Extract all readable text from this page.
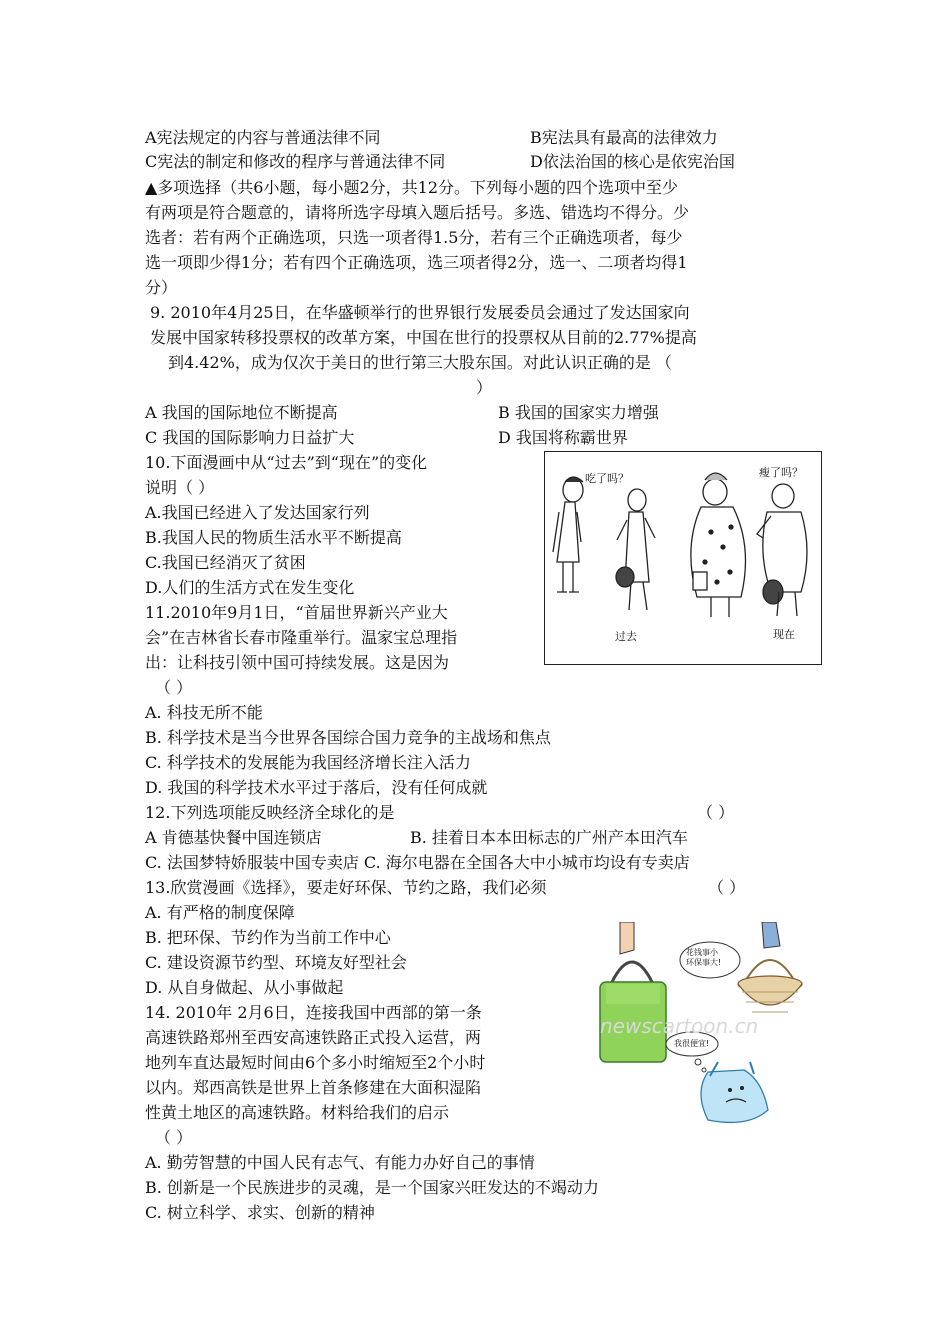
A宪法规定的内容与普通法律不同	B宪法具有最高的法律效力
C宪法的制定和修改的程序与普通法律不同	D依法治国的核心是依宪治国
▲多项选择（共6小题，每小题2分，共12分。下列每小题的四个选项中至少
有两项是符合题意的，请将所选字母填入题后括号。多选、错选均不得分。少
选者：若有两个正确选项，只选一项者得1.5分，若有三个正确选项者，每少
选一项即少得1分；若有四个正确选项，选三项者得2分，选一、二项者均得1
分）
9. 2010年4月25日，在华盛顿举行的世界银行发展委员会通过了发达国家向
发展中国家转移投票权的改革方案，中国在世行的投票权从目前的2.77%提高
到4.42%，成为仅次于美日的世行第三大股东国。对此认识正确的是 （
）
A 我国的国际地位不断提高	B 我国的国家实力增强
C 我国的国际影响力日益扩大	D 我国将称霸世界
10.下面漫画中从“过去”到“现在”的变化
说明（ ）
A.我国已经进入了发达国家行列
B.我国人民的物质生活水平不断提高
C.我国已经消灭了贫困
D.人们的生活方式在发生变化
11.2010年9月1日，“首届世界新兴产业大
会”在吉林省长春市隆重举行。温家宝总理指
出：让科技引领中国可持续发展。这是因为
（ ）
A. 科技无所不能
B. 科学技术是当今世界各国综合国力竞争的主战场和焦点
C. 科学技术的发展能为我国经济增长注入活力
D. 我国的科学技术水平过于落后，没有任何成就
12.下列选项能反映经济全球化的是	（ ）
A 肯德基快餐中国连锁店	B. 挂着日本本田标志的广州产本田汽车
C. 法国梦特娇服装中国专卖店 C. 海尔电器在全国各大中小城市均设有专卖店
13.欣赏漫画《选择》，要走好环保、节约之路，我们必须	（ ）
A. 有严格的制度保障
B. 把环保、节约作为当前工作中心
C. 建设资源节约型、环境友好型社会
D. 从自身做起、从小事做起
14. 2010年 2月6日，连接我国中西部的第一条
高速铁路郑州至西安高速铁路正式投入运营，两
地列车直达最短时间由6个多小时缩短至2个小时
以内。郑西高铁是世界上首条修建在大面积湿陷
性黄土地区的高速铁路。材料给我们的启示
（ ）
A. 勤劳智慧的中国人民有志气、有能力办好自己的事情
B. 创新是一个民族进步的灵魂，是一个国家兴旺发达的不竭动力
C. 树立科学、求实、创新的精神
吃了吗？	瘦了吗？
过去	现在
花钱事小
环保事大!
我很便宜!
newscartoon.cn
